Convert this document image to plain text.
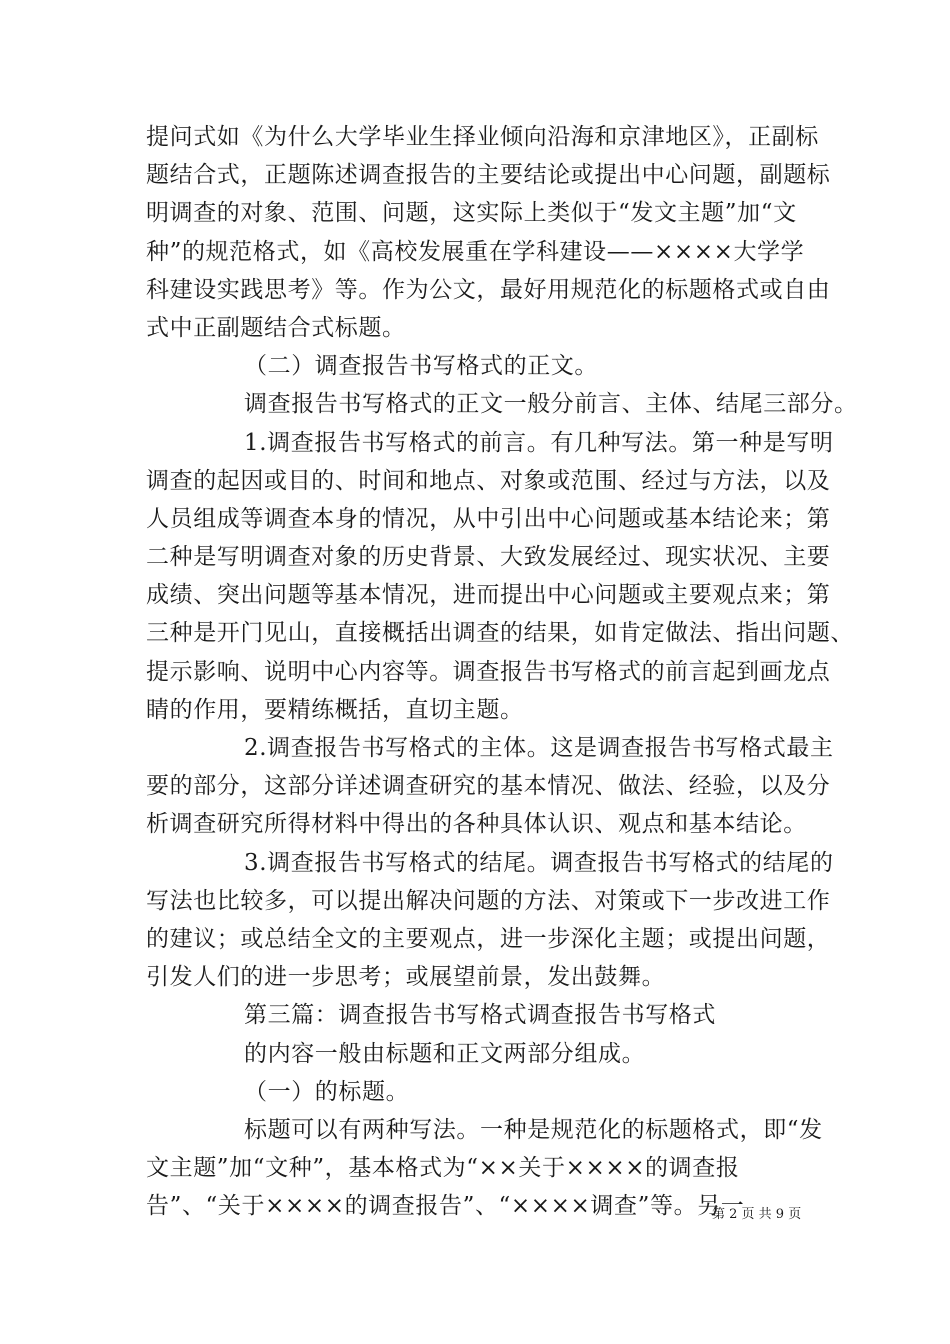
提问式如《为什么大学毕业生择业倾向沿海和京津地区》，正副标
题结合式，正题陈述调查报告的主要结论或提出中心问题，副题标
明调查的对象、范围、问题，这实际上类似于“发文主题”加“文
种”的规范格式，如《高校发展重在学科建设——××××大学学
科建设实践思考》等。作为公文，最好用规范化的标题格式或自由
式中正副题结合式标题。
（二）调查报告书写格式的正文。
调查报告书写格式的正文一般分前言、主体、结尾三部分。
1.调查报告书写格式的前言。有几种写法。第一种是写明
调查的起因或目的、时间和地点、对象或范围、经过与方法，以及
人员组成等调查本身的情况，从中引出中心问题或基本结论来；第
二种是写明调查对象的历史背景、大致发展经过、现实状况、主要
成绩、突出问题等基本情况，进而提出中心问题或主要观点来；第
三种是开门见山，直接概括出调查的结果，如肯定做法、指出问题、
提示影响、说明中心内容等。调查报告书写格式的前言起到画龙点
睛的作用，要精练概括，直切主题。
2.调查报告书写格式的主体。这是调查报告书写格式最主
要的部分，这部分详述调查研究的基本情况、做法、经验，以及分
析调查研究所得材料中得出的各种具体认识、观点和基本结论。
3.调查报告书写格式的结尾。调查报告书写格式的结尾的
写法也比较多，可以提出解决问题的方法、对策或下一步改进工作
的建议；或总结全文的主要观点，进一步深化主题；或提出问题，
引发人们的进一步思考；或展望前景，发出鼓舞。
第三篇：调查报告书写格式调查报告书写格式
的内容一般由标题和正文两部分组成。
（一）的标题。
标题可以有两种写法。一种是规范化的标题格式，即“发
文主题”加“文种”，基本格式为“××关于××××的调查报
告”、“关于××××的调查报告”、“××××调查”等。另一
第 2 页 共 9 页
